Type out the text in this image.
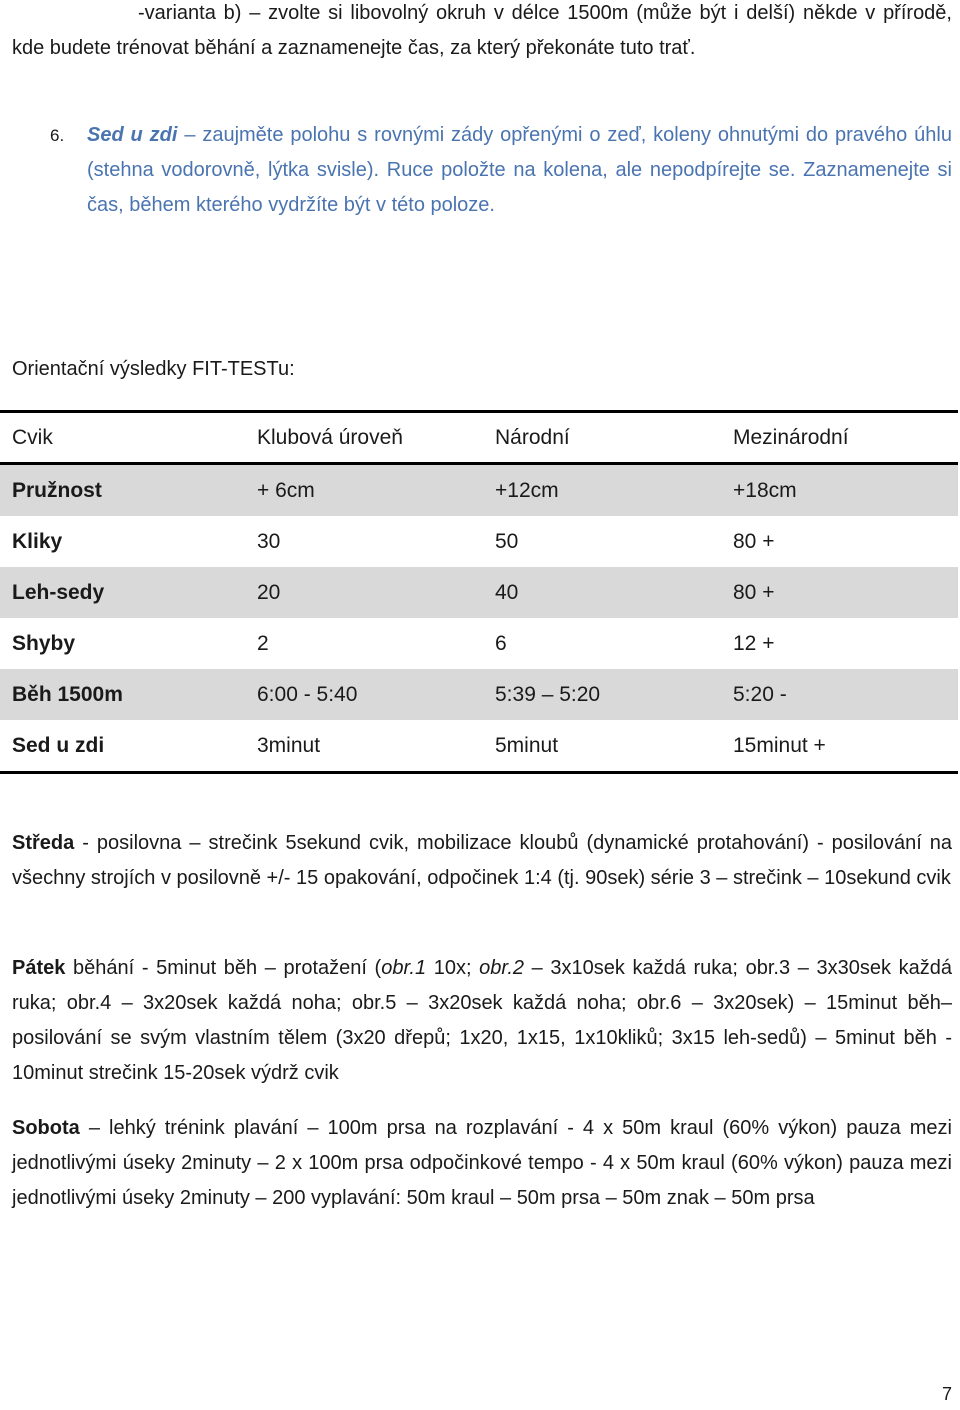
-varianta b) – zvolte si libovolný okruh v délce 1500m (může být i delší) někde v přírodě, kde budete trénovat běhání a zaznamenejte čas, za který překonáte tuto trať.

6.	Sed u zdi – zaujměte polohu s rovnými zády opřenými o zeď, koleny ohnutými do pravého úhlu (stehna vodorovně, lýtka svisle). Ruce položte na kolena, ale nepodpírejte se. Zaznamenejte si čas, během kterého vydržíte být v této poloze.

Orientační výsledky FIT-TESTu:

Cvik	Klubová úroveň	Národní	Mezinárodní
Pružnost	+ 6cm	+12cm	+18cm
Kliky	30	50	80 +
Leh-sedy	20	40	80 +
Shyby	2	6	12 +
Běh 1500m	6:00 - 5:40	5:39 – 5:20	5:20 -
Sed u zdi	3minut	5minut	15minut +

Středa - posilovna – strečink 5sekund cvik, mobilizace kloubů (dynamické protahování) - posilování na všechny strojích v posilovně +/- 15 opakování, odpočinek 1:4 (tj. 90sek) série 3 – strečink – 10sekund cvik

Pátek běhání - 5minut běh – protažení (obr.1 10x; obr.2 – 3x10sek každá ruka; obr.3 – 3x30sek každá ruka; obr.4 – 3x20sek každá noha; obr.5 – 3x20sek každá noha; obr.6 – 3x20sek) – 15minut běh– posilování se svým vlastním tělem (3x20 dřepů; 1x20, 1x15, 1x10kliků; 3x15 leh-sedů) – 5minut běh - 10minut strečink 15-20sek výdrž cvik

Sobota – lehký trénink plavání – 100m prsa na rozplavání - 4 x 50m kraul (60% výkon) pauza mezi jednotlivými úseky 2minuty – 2 x 100m prsa odpočinkové tempo - 4 x 50m kraul (60% výkon) pauza mezi jednotlivými úseky 2minuty – 200 vyplavání: 50m kraul – 50m prsa – 50m znak – 50m prsa

7
